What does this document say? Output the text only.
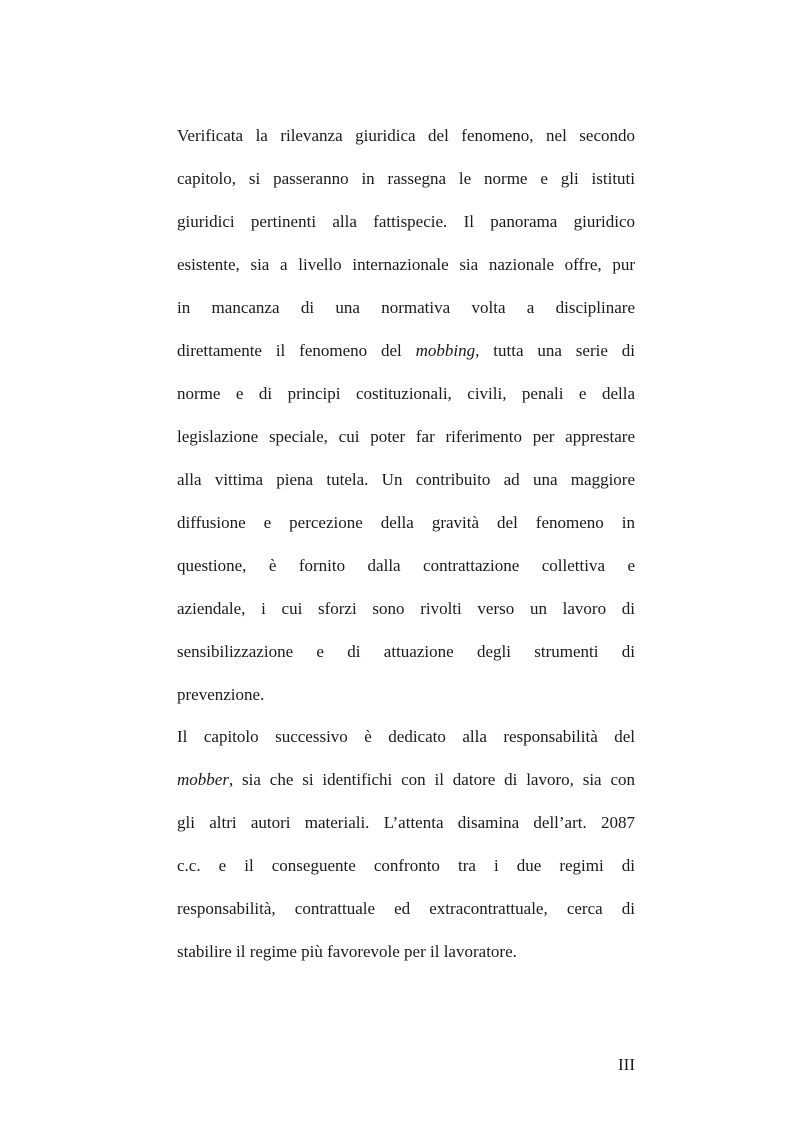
Verificata la rilevanza giuridica del fenomeno, nel secondo
capitolo, si passeranno in rassegna le norme e gli istituti
giuridici pertinenti alla fattispecie. Il panorama giuridico
esistente, sia a livello internazionale sia nazionale offre, pur
in mancanza di una normativa volta a disciplinare
direttamente il fenomeno del mobbing, tutta una serie di
norme e di principi costituzionali, civili, penali e della
legislazione speciale, cui poter far riferimento per apprestare
alla vittima piena tutela. Un contribuito ad una maggiore
diffusione e percezione della gravità del fenomeno in
questione, è fornito dalla contrattazione collettiva e
aziendale, i cui sforzi sono rivolti verso un lavoro di
sensibilizzazione e di attuazione degli strumenti di
prevenzione.
Il capitolo successivo è dedicato alla responsabilità del
mobber, sia che si identifichi con il datore di lavoro, sia con
gli altri autori materiali. L’attenta disamina dell’art. 2087
c.c. e il conseguente confronto tra i due regimi di
responsabilità, contrattuale ed extracontrattuale, cerca di
stabilire il regime più favorevole per il lavoratore.
III
